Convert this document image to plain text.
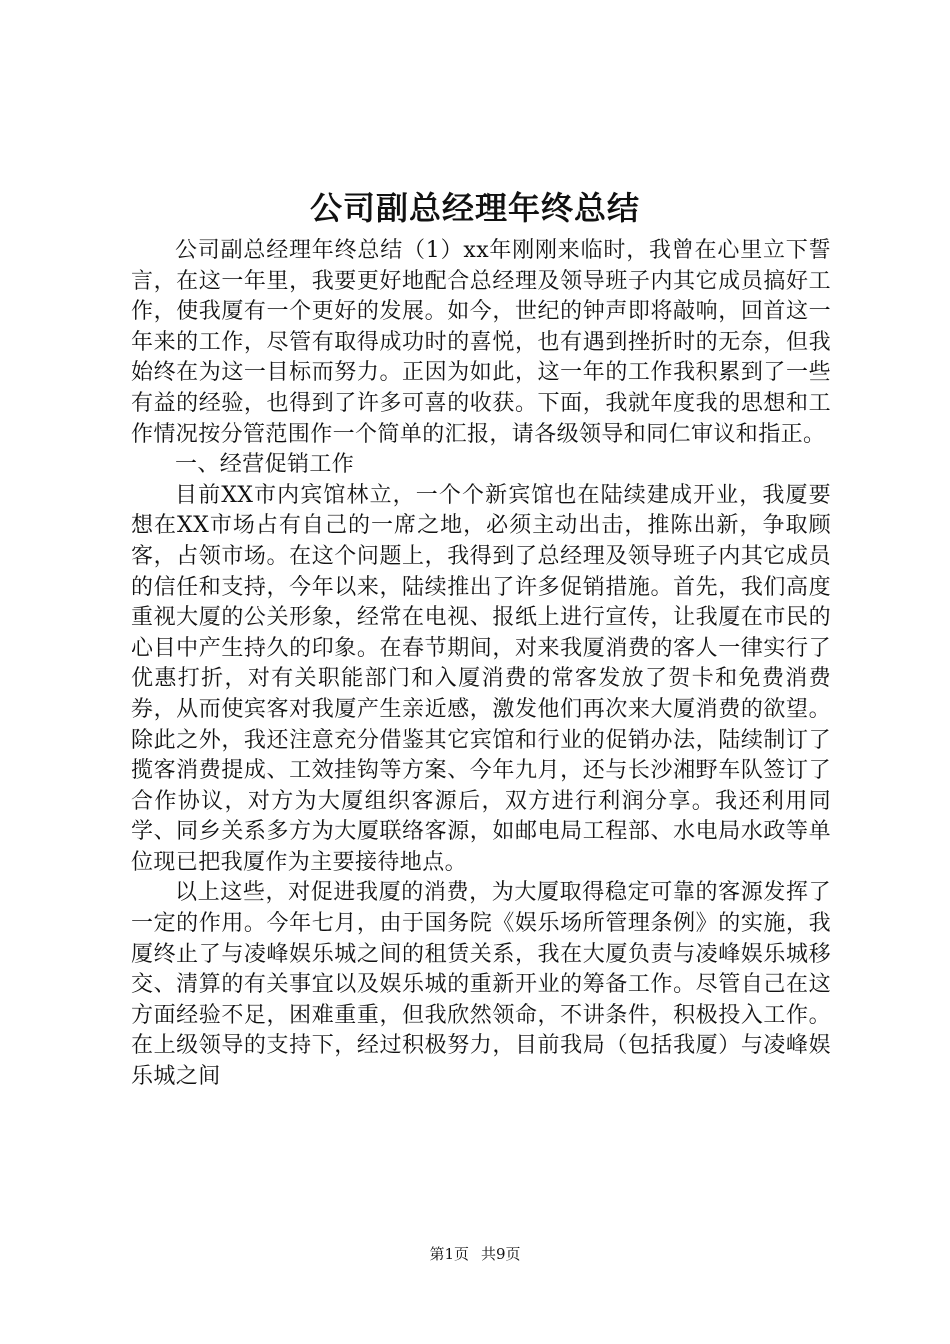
公司副总经理年终总结

公司副总经理年终总结（1）xx年刚刚来临时，我曾在心里立下誓言，在这一年里，我要更好地配合总经理及领导班子内其它成员搞好工作，使我厦有一个更好的发展。如今，世纪的钟声即将敲响，回首这一年来的工作，尽管有取得成功时的喜悦，也有遇到挫折时的无奈，但我始终在为这一目标而努力。正因为如此，这一年的工作我积累到了一些有益的经验，也得到了许多可喜的收获。下面，我就年度我的思想和工作情况按分管范围作一个简单的汇报，请各级领导和同仁审议和指正。

一、经营促销工作

目前XX市内宾馆林立，一个个新宾馆也在陆续建成开业，我厦要想在XX市场占有自己的一席之地，必须主动出击，推陈出新，争取顾客，占领市场。在这个问题上，我得到了总经理及领导班子内其它成员的信任和支持，今年以来，陆续推出了许多促销措施。首先，我们高度重视大厦的公关形象，经常在电视、报纸上进行宣传，让我厦在市民的心目中产生持久的印象。在春节期间，对来我厦消费的客人一律实行了优惠打折，对有关职能部门和入厦消费的常客发放了贺卡和免费消费券，从而使宾客对我厦产生亲近感，激发他们再次来大厦消费的欲望。除此之外，我还注意充分借鉴其它宾馆和行业的促销办法，陆续制订了揽客消费提成、工效挂钩等方案、今年九月，还与长沙湘野车队签订了合作协议，对方为大厦组织客源后，双方进行利润分享。我还利用同学、同乡关系多方为大厦联络客源，如邮电局工程部、水电局水政等单位现已把我厦作为主要接待地点。

以上这些，对促进我厦的消费，为大厦取得稳定可靠的客源发挥了一定的作用。今年七月，由于国务院《娱乐场所管理条例》的实施，我厦终止了与凌峰娱乐城之间的租赁关系，我在大厦负责与凌峰娱乐城移交、清算的有关事宜以及娱乐城的重新开业的筹备工作。尽管自己在这方面经验不足，困难重重，但我欣然领命，不讲条件，积极投入工作。在上级领导的支持下，经过积极努力，目前我局（包括我厦）与凌峰娱乐城之间

第1页 共9页
